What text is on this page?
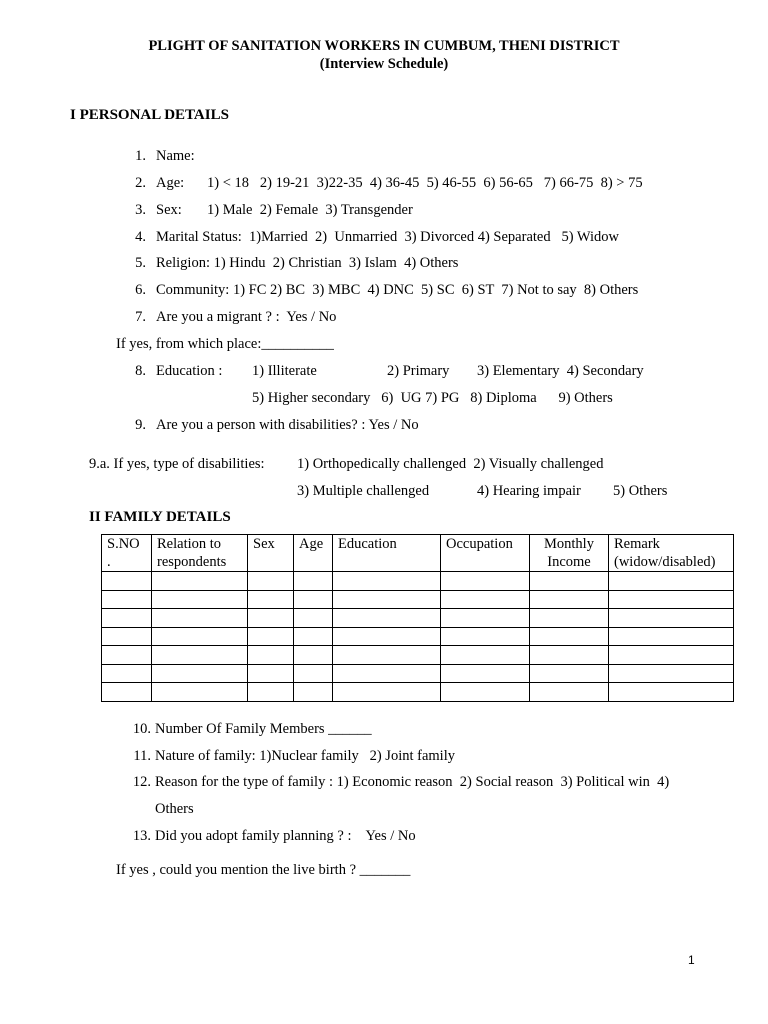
PLIGHT OF SANITATION WORKERS IN CUMBUM, THENI DISTRICT
(Interview Schedule)
I PERSONAL DETAILS
1. Name:
2. Age: 1) < 18   2) 19-21  3)22-35  4) 36-45  5) 46-55  6) 56-65   7) 66-75  8) > 75
3. Sex: 1) Male  2) Female  3) Transgender
4. Marital Status:  1)Married  2)  Unmarried  3) Divorced 4) Separated   5) Widow
5. Religion: 1) Hindu  2) Christian  3) Islam  4) Others
6. Community: 1) FC 2) BC  3) MBC  4) DNC  5) SC  6) ST  7) Not to say  8) Others
7. Are you a migrant ? :  Yes / No
If yes, from which place:__________
8. Education : 1) Illiterate	2) Primary 3) Elementary  4) Secondary
5) Higher secondary   6)  UG 7) PG   8) Diploma      9) Others
9. Are you a person with disabilities? : Yes / No
9.a. If yes, type of disabilities: 1) Orthopedically challenged  2) Visually challenged
3) Multiple challenged	4) Hearing impair 5) Others
II FAMILY DETAILS
S.NO
.	Relation to respondents	Sex	Age	Education	Occupation	Monthly Income	Remark (widow/disabled)

10. Number Of Family Members ______
11. Nature of family: 1)Nuclear family   2) Joint family
12. Reason for the type of family : 1) Economic reason  2) Social reason  3) Political win  4)
Others
13. Did you adopt family planning ? :    Yes / No
If yes , could you mention the live birth ? _______
1
